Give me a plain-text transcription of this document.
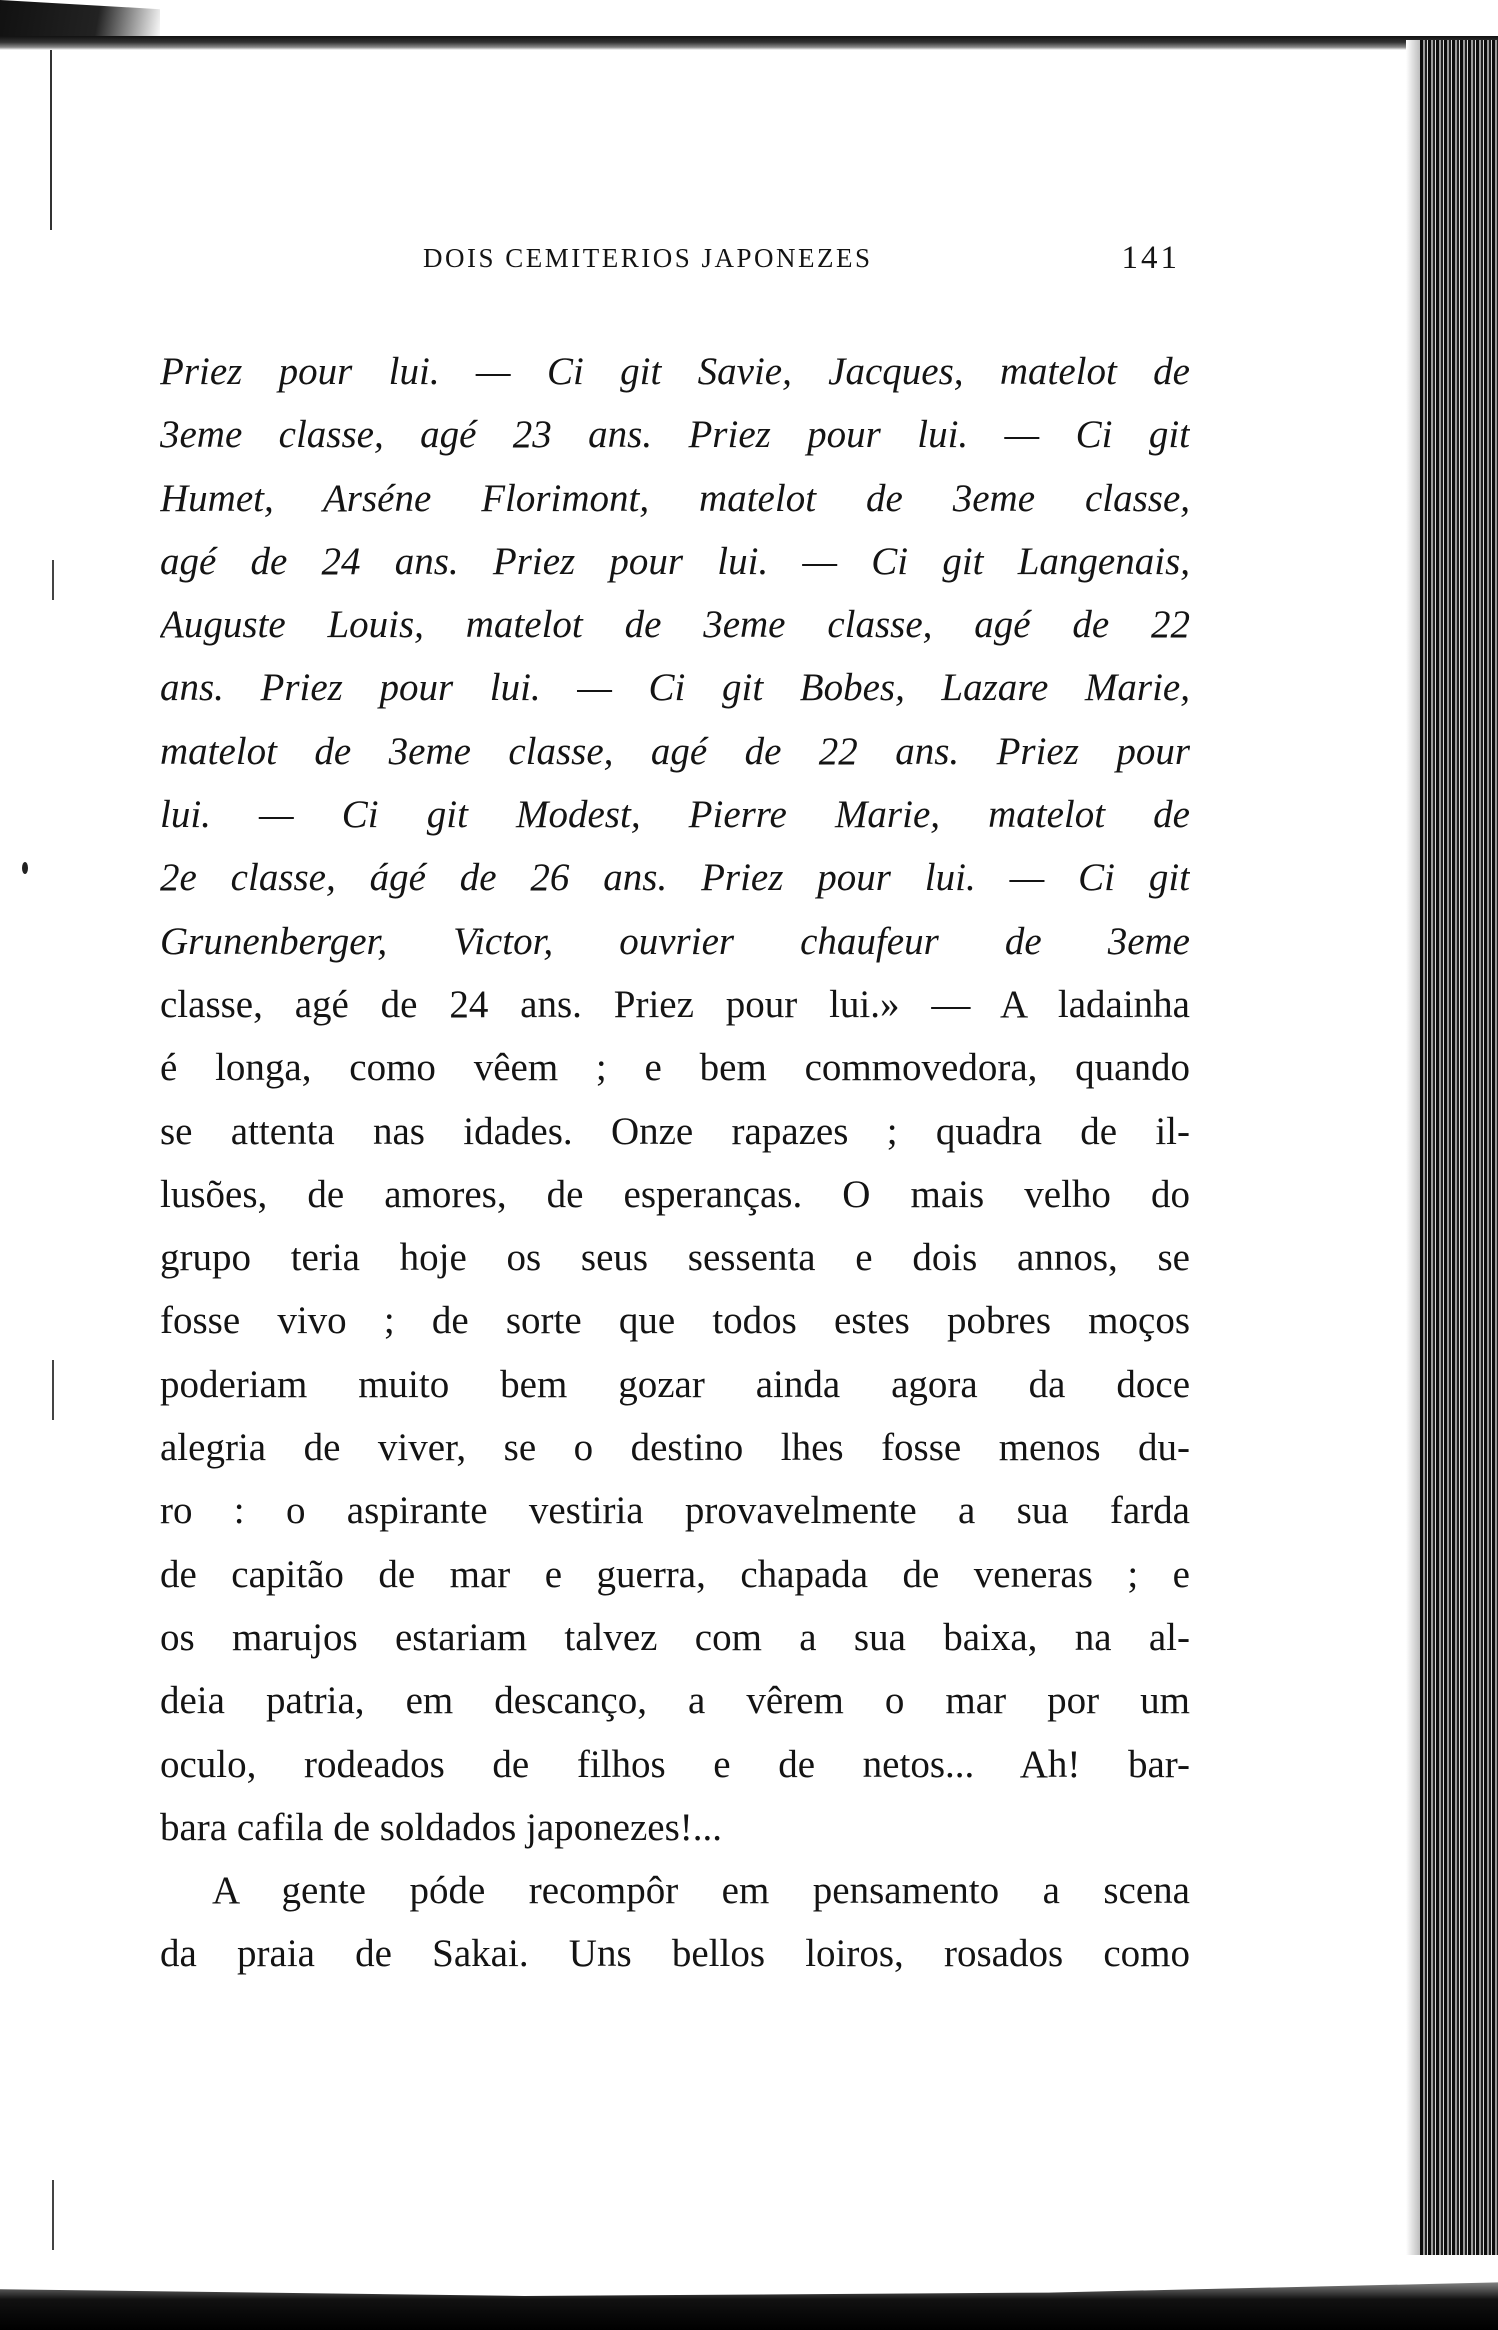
DOIS CEMITERIOS JAPONEZES	141
Priez pour lui. — Ci git Savie, Jacques, matelot de
3eme classe, agé 23 ans. Priez pour lui. — Ci git
Humet, Arséne Florimont, matelot de 3eme classe,
agé de 24 ans. Priez pour lui. — Ci git Langenais,
Auguste Louis, matelot de 3eme classe, agé de 22
ans. Priez pour lui. — Ci git Bobes, Lazare Marie,
matelot de 3eme classe, agé de 22 ans. Priez pour
lui. — Ci git Modest, Pierre Marie, matelot de
2e classe, ágé de 26 ans. Priez pour lui. — Ci git
Grunenberger, Victor, ouvrier chaufeur de 3eme
classe, agé de 24 ans. Priez pour lui.» — A ladainha
é longa, como vêem ; e bem commovedora, quando
se attenta nas idades. Onze rapazes ; quadra de il-
lusões, de amores, de esperanças. O mais velho do
grupo teria hoje os seus sessenta e dois annos, se
fosse vivo ; de sorte que todos estes pobres moços
poderiam muito bem gozar ainda agora da doce
alegria de viver, se o destino lhes fosse menos du-
ro : o aspirante vestiria provavelmente a sua farda
de capitão de mar e guerra, chapada de veneras ; e
os marujos estariam talvez com a sua baixa, na al-
deia patria, em descanço, a vêrem o mar por um
oculo, rodeados de filhos e de netos... Ah! bar-
bara cafila de soldados japonezes!...
A gente póde recompôr em pensamento a scena
da praia de Sakai. Uns bellos loiros, rosados como
